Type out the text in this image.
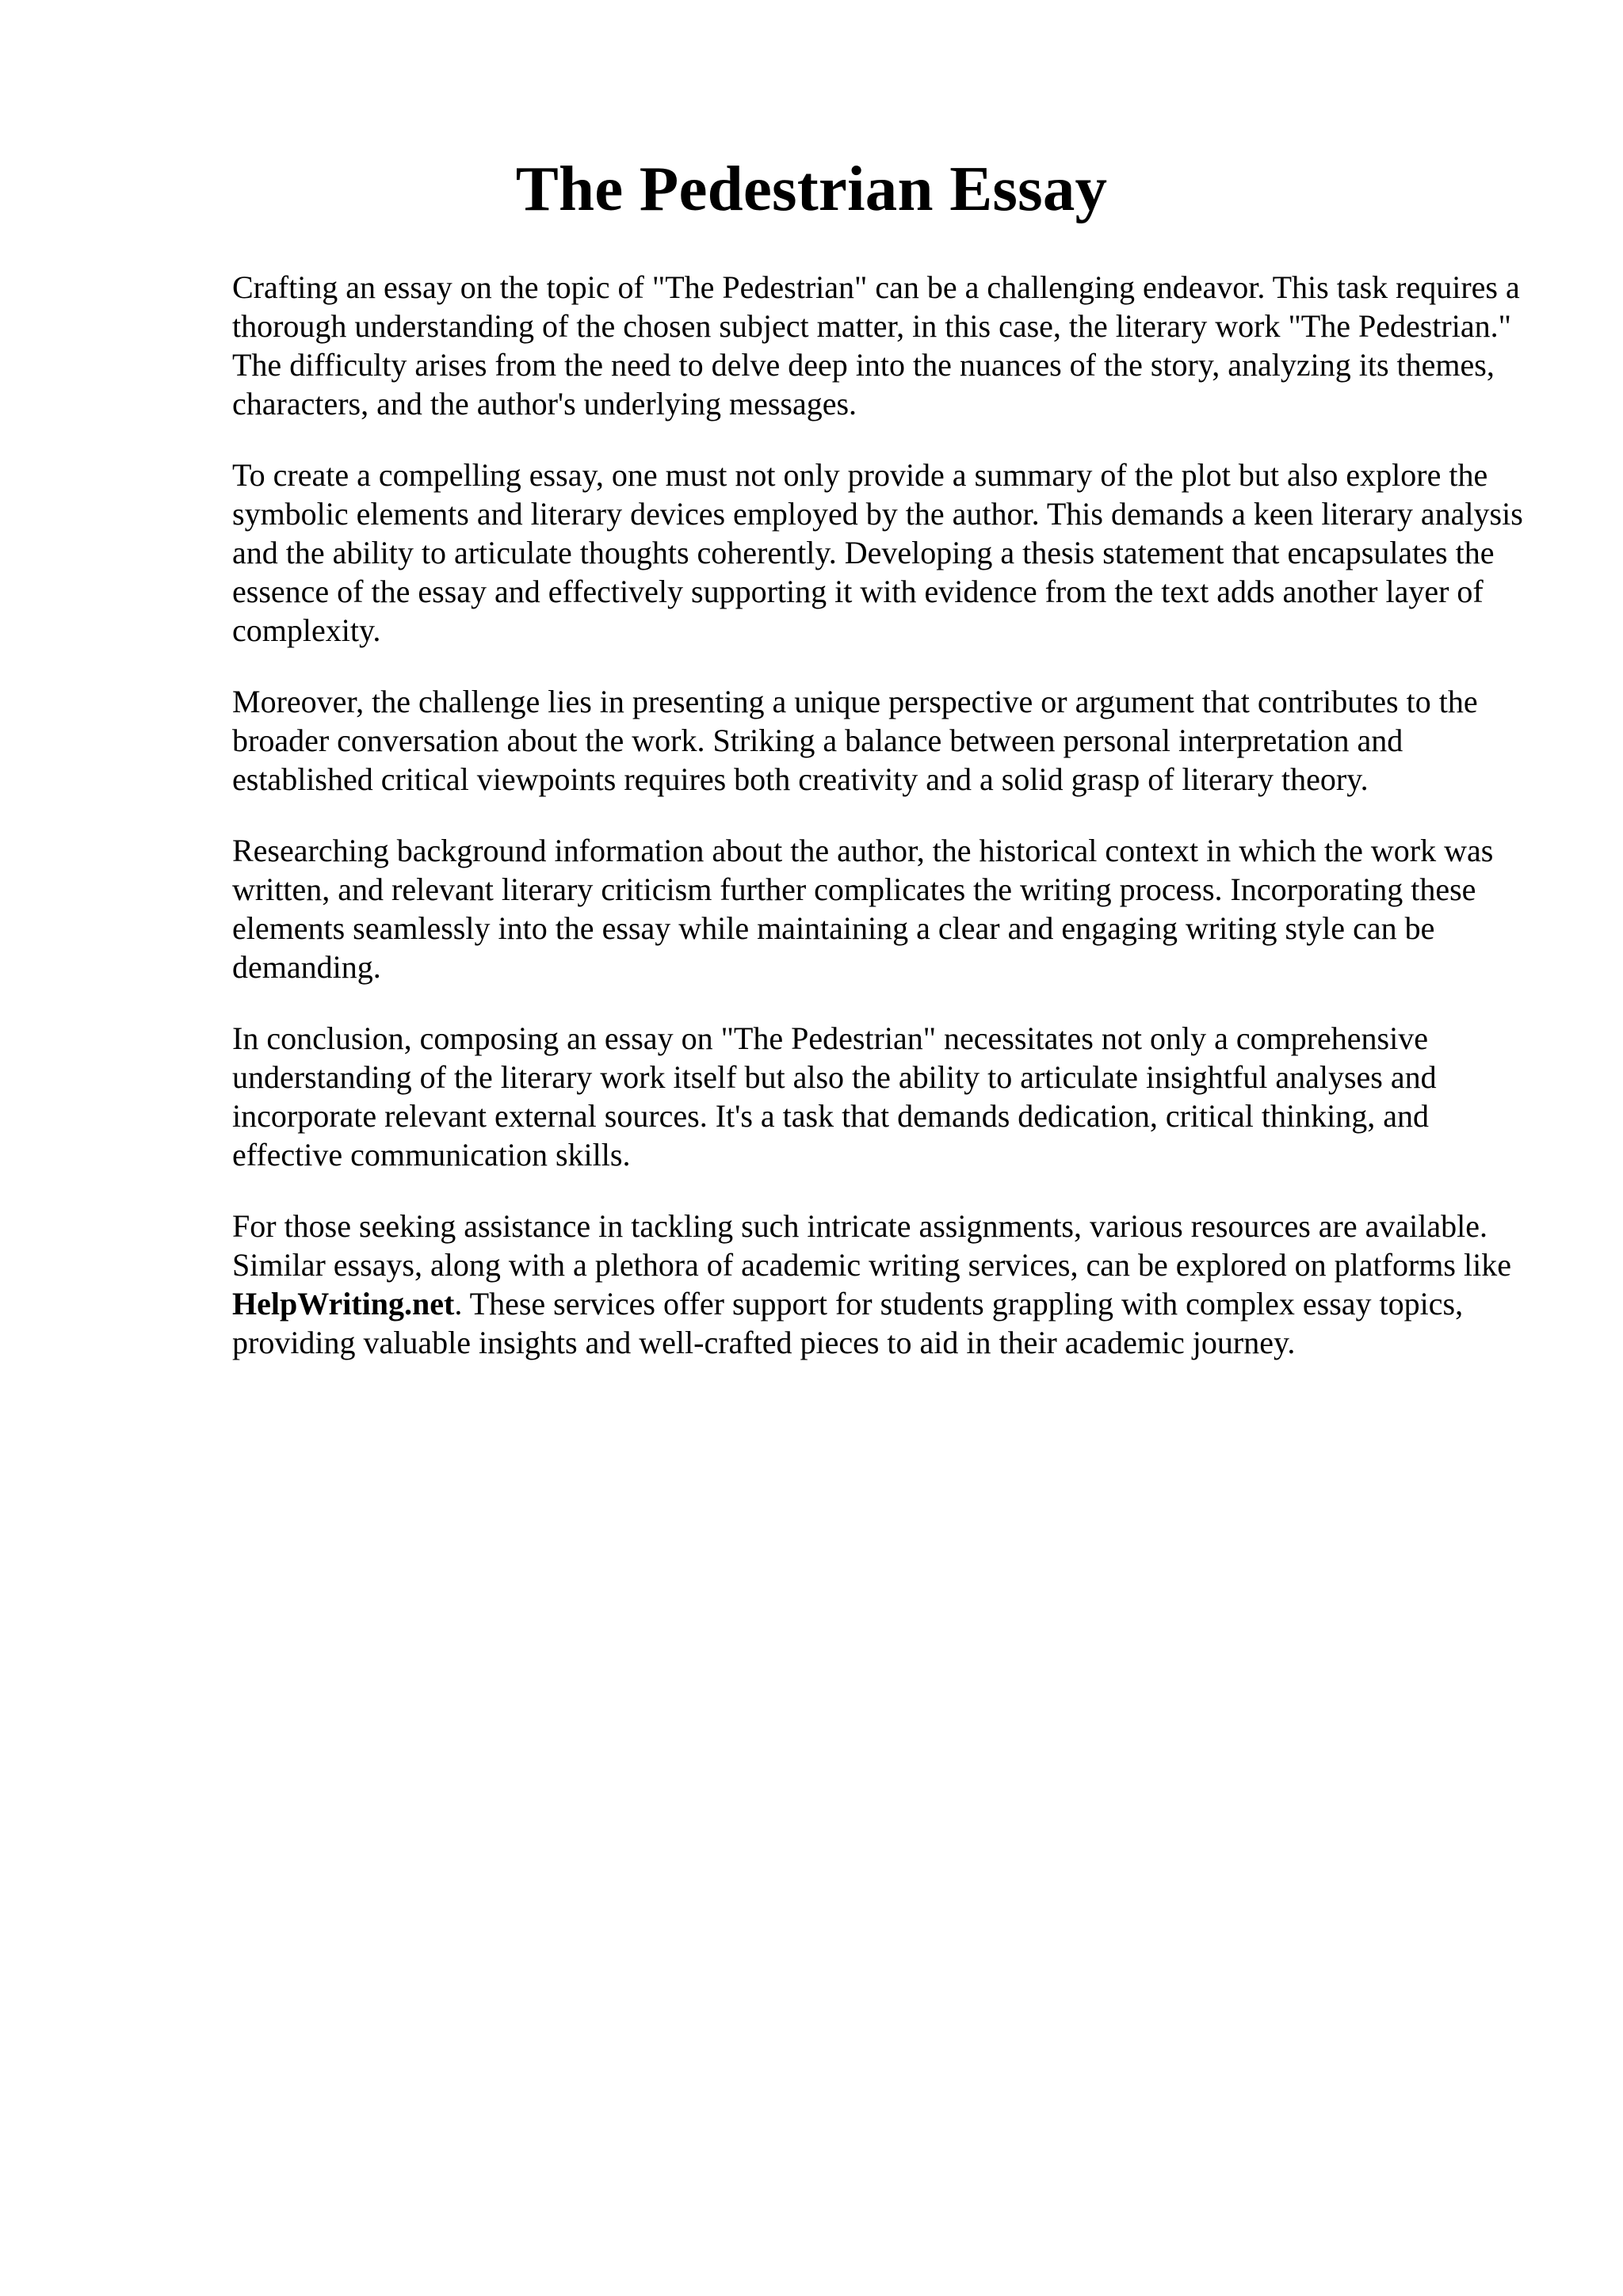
The Pedestrian Essay

Crafting an essay on the topic of "The Pedestrian" can be a challenging endeavor. This task requires a thorough understanding of the chosen subject matter, in this case, the literary work "The Pedestrian." The difficulty arises from the need to delve deep into the nuances of the story, analyzing its themes, characters, and the author's underlying messages.

To create a compelling essay, one must not only provide a summary of the plot but also explore the symbolic elements and literary devices employed by the author. This demands a keen literary analysis and the ability to articulate thoughts coherently. Developing a thesis statement that encapsulates the essence of the essay and effectively supporting it with evidence from the text adds another layer of complexity.

Moreover, the challenge lies in presenting a unique perspective or argument that contributes to the broader conversation about the work. Striking a balance between personal interpretation and established critical viewpoints requires both creativity and a solid grasp of literary theory.

Researching background information about the author, the historical context in which the work was written, and relevant literary criticism further complicates the writing process. Incorporating these elements seamlessly into the essay while maintaining a clear and engaging writing style can be demanding.

In conclusion, composing an essay on "The Pedestrian" necessitates not only a comprehensive understanding of the literary work itself but also the ability to articulate insightful analyses and incorporate relevant external sources. It's a task that demands dedication, critical thinking, and effective communication skills.

For those seeking assistance in tackling such intricate assignments, various resources are available. Similar essays, along with a plethora of academic writing services, can be explored on platforms like HelpWriting.net. These services offer support for students grappling with complex essay topics, providing valuable insights and well-crafted pieces to aid in their academic journey.
